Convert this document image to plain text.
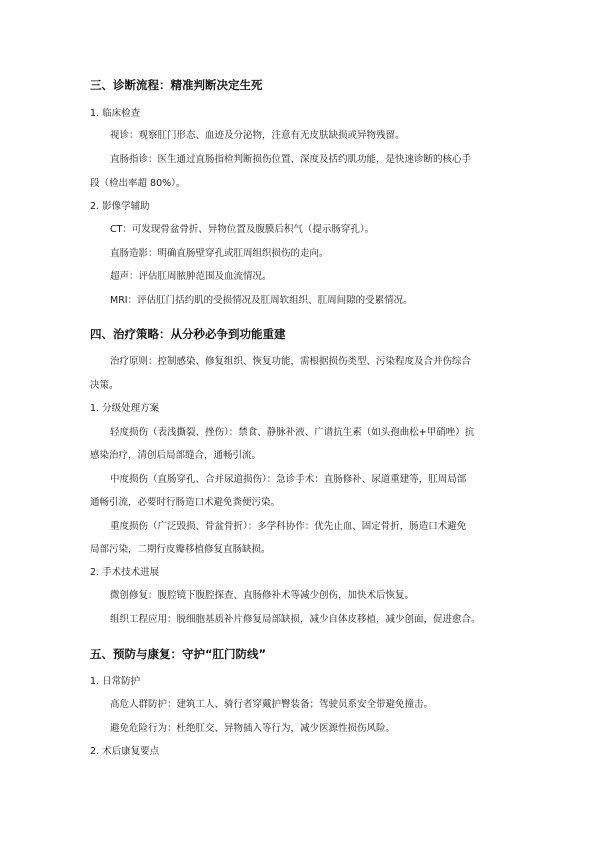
三、诊断流程：精准判断决定生死
1. 临床检查
视诊：观察肛门形态、血迹及分泌物，注意有无皮肤缺损或异物残留。
直肠指诊：医生通过直肠指检判断损伤位置、深度及括约肌功能，是快速诊断的核心手
段（检出率超 80%）。
2. 影像学辅助
CT：可发现骨盆骨折、异物位置及腹膜后积气（提示肠穿孔）。
直肠造影：明确直肠壁穿孔或肛周组织损伤的走向。
超声：评估肛周脓肿范围及血流情况。
MRI：评估肛门括约肌的受损情况及肛周软组织、肛周间隙的受累情况。
四、治疗策略：从分秒必争到功能重建
治疗原则：控制感染、修复组织、恢复功能，需根据损伤类型、污染程度及合并伤综合
决策。
1. 分级处理方案
轻度损伤（表浅撕裂、挫伤）：禁食、静脉补液、广谱抗生素（如头孢曲松+甲硝唑）抗
感染治疗，清创后局部缝合，通畅引流。
中度损伤（直肠穿孔、合并尿道损伤）：急诊手术：直肠修补、尿道重建等，肛周局部
通畅引流，必要时行肠造口术避免粪便污染。
重度损伤（广泛毁损、骨盆骨折）：多学科协作：优先止血、固定骨折，肠造口术避免
局部污染，二期行皮瓣移植修复直肠缺损。
2. 手术技术进展
微创修复：腹腔镜下腹腔探查、直肠修补术等减少创伤，加快术后恢复。
组织工程应用：脱细胞基质补片修复局部缺损，减少自体皮移植，减少创面，促进愈合。
五、预防与康复：守护“肛门防线”
1. 日常防护
高危人群防护：建筑工人、骑行者穿戴护臀装备；驾驶员系安全带避免撞击。
避免危险行为：杜绝肛交、异物插入等行为，减少医源性损伤风险。
2. 术后康复要点
